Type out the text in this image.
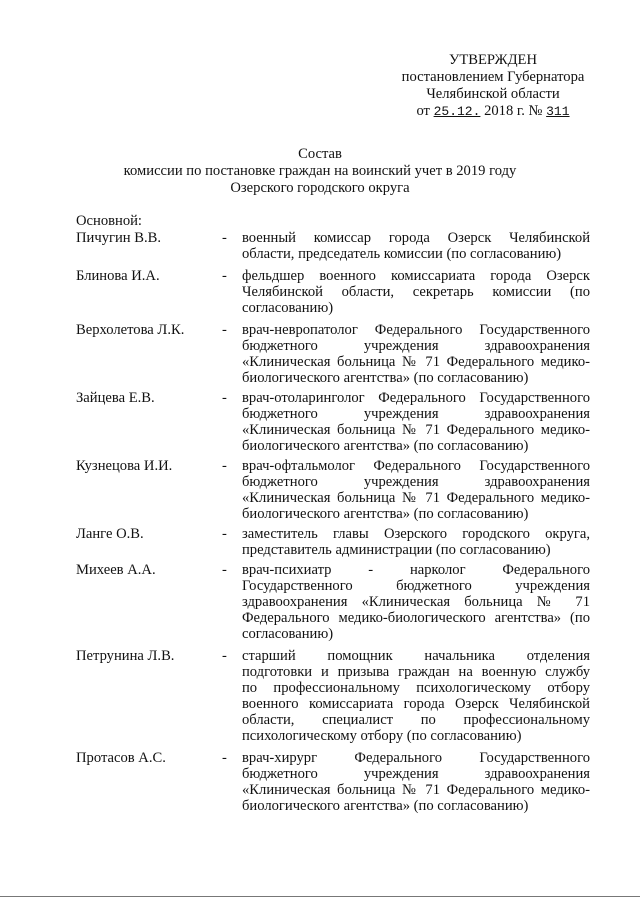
УТВЕРЖДЕН
постановлением Губернатора
Челябинской области
от 25.12. 2018 г. № 311
Состав
комиссии по постановке граждан на воинский учет в 2019 году
Озерского городского округа
Основной:
Пичугин В.В.	- военный комиссар города Озерск Челябинской
области, председатель комиссии (по согласованию)
Блинова И.А.	- фельдшер военного комиссариата города Озерск
Челябинской области, секретарь комиссии (по
согласованию)
Верхолетова Л.К.	- врач-невропатолог Федерального Государственного
бюджетного учреждения здравоохранения
«Клиническая больница № 71 Федерального медико-
биологического агентства» (по согласованию)
Зайцева Е.В.	- врач-отоларинголог Федерального Государственного
бюджетного учреждения здравоохранения
«Клиническая больница № 71 Федерального медико-
биологического агентства» (по согласованию)
Кузнецова И.И.	- врач-офтальмолог Федерального Государственного
бюджетного учреждения здравоохранения
«Клиническая больница № 71 Федерального медико-
биологического агентства» (по согласованию)
Ланге О.В.	- заместитель главы Озерского городского округа,
представитель администрации (по согласованию)
Михеев А.А.	- врач-психиатр - нарколог Федерального
Государственного бюджетного учреждения
здравоохранения «Клиническая больница № 71
Федерального медико-биологического агентства» (по
согласованию)
Петрунина Л.В.	- старший помощник начальника отделения
подготовки и призыва граждан на военную службу
по профессиональному психологическому отбору
военного комиссариата города Озерск Челябинской
области, специалист по профессиональному
психологическому отбору (по согласованию)
Протасов А.С.	- врач-хирург Федерального Государственного
бюджетного учреждения здравоохранения
«Клиническая больница № 71 Федерального медико-
биологического агентства» (по согласованию)
